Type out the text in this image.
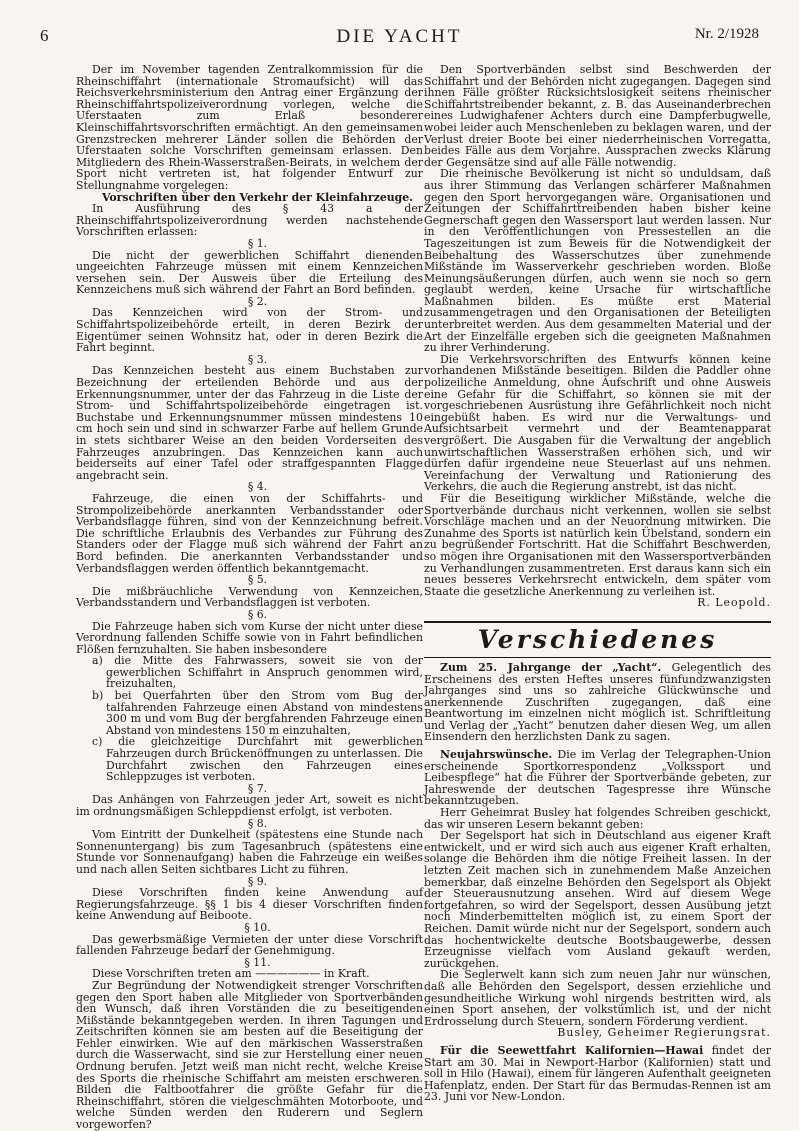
6	DIE YACHT	Nr. 2/1928

Der im November tagenden Zentralkommission für die Rheinschiffahrt (internationale Stromaufsicht) will das Reichsverkehrsministerium den Antrag einer Ergänzung der Rheinschiffahrtspolizeiverordnung vorlegen, welche die Uferstaaten zum Erlaß besonderer Kleinschiffahrtsvorschriften ermächtigt. An den gemeinsamen Grenzstrecken mehrerer Länder sollen die Behörden der Uferstaaten solche Vorschriften gemeinsam erlassen. Den Mitgliedern des Rhein-Wasserstraßen-Beirats, in welchem der Sport nicht vertreten ist, hat folgender Entwurf zur Stellungnahme vorgelegen:

Vorschriften über den Verkehr der Kleinfahrzeuge.

In Ausführung des § 43 a der Rheinschiffahrtspolizeiverordnung werden nachstehende Vorschriften erlassen:

§ 1.

Die nicht der gewerblichen Schiffahrt dienenden ungeeichten Fahrzeuge müssen mit einem Kennzeichen versehen sein. Der Ausweis über die Erteilung des Kennzeichens muß sich während der Fahrt an Bord befinden.

§ 2.

Das Kennzeichen wird von der Strom- und Schiffahrtspolizeibehörde erteilt, in deren Bezirk der Eigentümer seinen Wohnsitz hat, oder in deren Bezirk die Fahrt beginnt.

§ 3.

Das Kennzeichen besteht aus einem Buchstaben zur Bezeichnung der erteilenden Behörde und aus der Erkennungsnummer, unter der das Fahrzeug in die Liste der Strom- und Schiffahrtspolizeibehörde eingetragen ist. Buchstabe und Erkennungsnummer müssen mindestens 10 cm hoch sein und sind in schwarzer Farbe auf hellem Grunde in stets sichtbarer Weise an den beiden Vorderseiten des Fahrzeuges anzubringen. Das Kennzeichen kann auch beiderseits auf einer Tafel oder straffgespannten Flagge angebracht sein.

§ 4.

Fahrzeuge, die einen von der Schiffahrts- und Strompolizeibehörde anerkannten Verbandsstander oder Verbandsflagge führen, sind von der Kennzeichnung befreit. Die schriftliche Erlaubnis des Verbandes zur Führung des Standers oder der Flagge muß sich während der Fahrt an Bord befinden. Die anerkannten Verbandsstander und Verbandsflaggen werden öffentlich bekanntgemacht.

§ 5.

Die mißbräuchliche Verwendung von Kennzeichen, Verbandsstandern und Verbandsflaggen ist verboten.

§ 6.

Die Fahrzeuge haben sich vom Kurse der nicht unter diese Verordnung fallenden Schiffe sowie von in Fahrt befindlichen Flößen fernzuhalten. Sie haben insbesondere

a) die Mitte des Fahrwassers, soweit sie von der gewerblichen Schiffahrt in Anspruch genommen wird, freizuhalten,
b) bei Querfahrten über den Strom vom Bug der talfahrenden Fahrzeuge einen Abstand von mindestens 300 m und vom Bug der bergfahrenden Fahrzeuge einen Abstand von mindestens 150 m einzuhalten,
c) die gleichzeitige Durchfahrt mit gewerblichen Fahrzeugen durch Brückenöffnungen zu unterlassen. Die Durchfahrt zwischen den Fahrzeugen eines Schleppzuges ist verboten.

§ 7.

Das Anhängen von Fahrzeugen jeder Art, soweit es nicht im ordnungsmäßigen Schleppdienst erfolgt, ist verboten.

§ 8.

Vom Eintritt der Dunkelheit (spätestens eine Stunde nach Sonnenuntergang) bis zum Tagesanbruch (spätestens eine Stunde vor Sonnenaufgang) haben die Fahrzeuge ein weißes und nach allen Seiten sichtbares Licht zu führen.

§ 9.

Diese Vorschriften finden keine Anwendung auf Regierungsfahrzeuge. §§ 1 bis 4 dieser Vorschriften finden keine Anwendung auf Beiboote.

§ 10.

Das gewerbsmäßige Vermieten der unter diese Vorschrift fallenden Fahrzeuge bedarf der Genehmigung.

§ 11.

Diese Vorschriften treten am —————— in Kraft.

Zur Begründung der Notwendigkeit strenger Vorschriften gegen den Sport haben alle Mitglieder von Sportverbänden den Wunsch, daß ihren Vorständen die zu beseitigenden Mißstände bekanntgegeben werden. In ihren Tagungen und Zeitschriften können sie am besten auf die Beseitigung der Fehler einwirken. Wie auf den märkischen Wasserstraßen durch die Wasserwacht, sind sie zur Herstellung einer neuen Ordnung berufen. Jetzt weiß man nicht recht, welche Kreise des Sports die rheinische Schiffahrt am meisten erschweren. Bilden die Faltbootfahrer die größte Gefahr für die Rheinschiffahrt, stören die vielgeschmähten Motorboote, und welche Sünden werden den Ruderern und Seglern vorgeworfen?

Den Sportverbänden selbst sind Beschwerden der Schiffahrt und der Behörden nicht zugegangen. Dagegen sind ihnen Fälle größter Rücksichtslosigkeit seitens rheinischer Schiffahrtstreibender bekannt, z. B. das Auseinanderbrechen eines Ludwighafener Achters durch eine Dampferbugwelle, wobei leider auch Menschenleben zu beklagen waren, und der Verlust dreier Boote bei einer niederrheinischen Vorregatta, beides Fälle aus dem Vorjahre. Aussprachen zwecks Klärung der Gegensätze sind auf alle Fälle notwendig.

Die rheinische Bevölkerung ist nicht so unduldsam, daß aus ihrer Stimmung das Verlangen schärferer Maßnahmen gegen den Sport hervorgegangen wäre. Organisationen und Zeitungen der Schiffahrttreibenden haben bisher keine Gegnerschaft gegen den Wassersport laut werden lassen. Nur in den Veröffentlichungen von Pressestellen an die Tageszeitungen ist zum Beweis für die Notwendigkeit der Beibehaltung des Wasserschutzes über zunehmende Mißstände im Wasserverkehr geschrieben worden. Bloße Meinungsäußerungen dürfen, auch wenn sie noch so gern geglaubt werden, keine Ursache für wirtschaftliche Maßnahmen bilden. Es müßte erst Material zusammengetragen und den Organisationen der Beteiligten unterbreitet werden. Aus dem gesammelten Material und der Art der Einzelfälle ergeben sich die geeigneten Maßnahmen zu ihrer Verhinderung.

Die Verkehrsvorschriften des Entwurfs können keine vorhandenen Mißstände beseitigen. Bilden die Paddler ohne polizeiliche Anmeldung, ohne Aufschrift und ohne Ausweis eine Gefahr für die Schiffahrt, so können sie mit der vorgeschriebenen Ausrüstung ihre Gefährlichkeit noch nicht eingebüßt haben. Es wird nur die Verwaltungs- und Aufsichtsarbeit vermehrt und der Beamtenapparat vergrößert. Die Ausgaben für die Verwaltung der angeblich unwirtschaftlichen Wasserstraßen erhöhen sich, und wir dürfen dafür irgendeine neue Steuerlast auf uns nehmen. Vereinfachung der Verwaltung und Rationierung des Verkehrs, die auch die Regierung anstrebt, ist das nicht.

Für die Beseitigung wirklicher Mißstände, welche die Sportverbände durchaus nicht verkennen, wollen sie selbst Vorschläge machen und an der Neuordnung mitwirken. Die Zunahme des Sports ist natürlich kein Übelstand, sondern ein zu begrüßender Fortschritt. Hat die Schiffahrt Beschwerden, so mögen ihre Organisationen mit den Wassersportverbänden zu Verhandlungen zusammentreten. Erst daraus kann sich ein neues besseres Verkehrsrecht entwickeln, dem später vom Staate die gesetzliche Anerkennung zu verleihen ist.

R. Leopold.

Verschiedenes

Zum 25. Jahrgange der „Yacht“. Gelegentlich des Erscheinens des ersten Heftes unseres fünfundzwanzigsten Jahrganges sind uns so zahlreiche Glückwünsche und anerkennende Zuschriften zugegangen, daß eine Beantwortung im einzelnen nicht möglich ist. Schriftleitung und Verlag der „Yacht“ benutzen daher diesen Weg, um allen Einsendern den herzlichsten Dank zu sagen.

Neujahrswünsche. Die im Verlag der Telegraphen-Union erscheinende Sportkorrespondenz „Volkssport und Leibespflege“ hat die Führer der Sportverbände gebeten, zur Jahreswende der deutschen Tagespresse ihre Wünsche bekanntzugeben.

Herr Geheimrat Busley hat folgendes Schreiben geschickt, das wir unseren Lesern bekannt geben:

Der Segelsport hat sich in Deutschland aus eigener Kraft entwickelt, und er wird sich auch aus eigener Kraft erhalten, solange die Behörden ihm die nötige Freiheit lassen. In der letzten Zeit machen sich in zunehmendem Maße Anzeichen bemerkbar, daß einzelne Behörden den Segelsport als Objekt der Steuerausnutzung ansehen. Wird auf diesem Wege fortgefahren, so wird der Segelsport, dessen Ausübung jetzt noch Minderbemittelten möglich ist, zu einem Sport der Reichen. Damit würde nicht nur der Segelsport, sondern auch das hochentwickelte deutsche Bootsbaugewerbe, dessen Erzeugnisse vielfach vom Ausland gekauft werden, zurückgehen.

Die Seglerwelt kann sich zum neuen Jahr nur wünschen, daß alle Behörden den Segelsport, dessen erziehliche und gesundheitliche Wirkung wohl nirgends bestritten wird, als einen Sport ansehen, der volkstümlich ist, und der nicht Erdrosselung durch Steuern, sondern Förderung verdient.

Busley, Geheimer Regierungsrat.

Für die Seewettfahrt Kalifornien—Hawai findet der Start am 30. Mai in Newport-Harbor (Kalifornien) statt und soll in Hilo (Hawai), einem für längeren Aufenthalt geeigneten Hafenplatz, enden. Der Start für das Bermudas-Rennen ist am 23. Juni vor New-London.
